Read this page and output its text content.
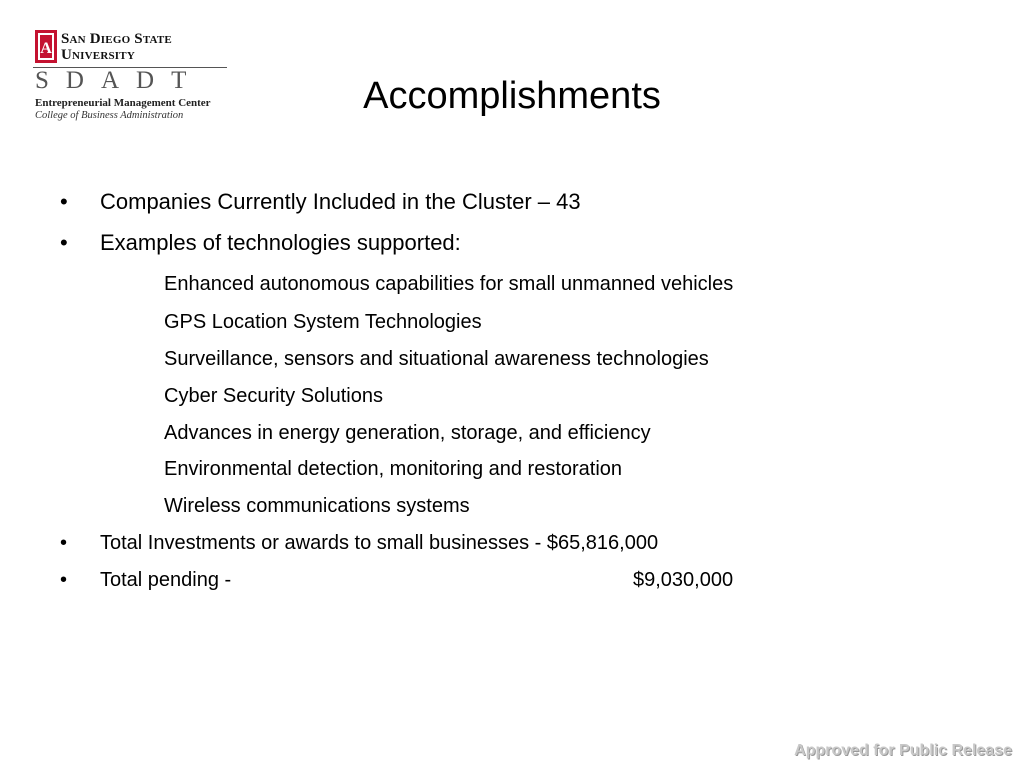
A
San Diego State
University
SDADT
Entrepreneurial Management Center
College of Business Administration	Accomplishments
• Companies Currently Included in the Cluster – 43
• Examples of technologies supported:
Enhanced autonomous capabilities for small unmanned vehicles
GPS Location System Technologies
Surveillance, sensors and situational awareness technologies
Cyber Security Solutions
Advances in energy generation, storage, and efficiency
Environmental detection, monitoring and restoration
Wireless communications systems
• Total Investments or awards to small businesses - $65,816,000
• Total pending -	$9,030,000
Approved for Public Release
